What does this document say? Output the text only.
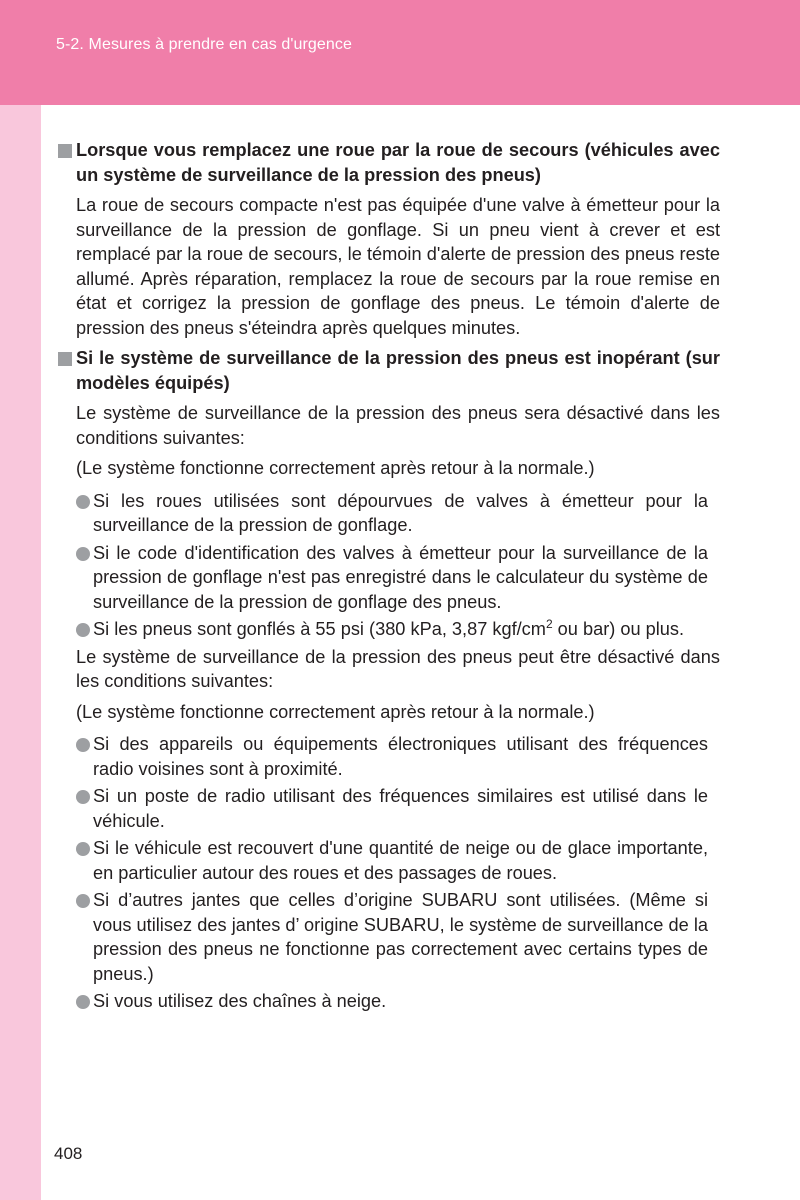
5-2. Mesures à prendre en cas d'urgence
Lorsque vous remplacez une roue par la roue de secours (véhicules avec un système de surveillance de la pression des pneus)
La roue de secours compacte n'est pas équipée d'une valve à émetteur pour la surveillance de la pression de gonflage. Si un pneu vient à crever et est remplacé par la roue de secours, le témoin d'alerte de pression des pneus reste allumé. Après réparation, remplacez la roue de secours par la roue remise en état et corrigez la pression de gonflage des pneus. Le témoin d'alerte de pression des pneus s'éteindra après quelques minutes.
Si le système de surveillance de la pression des pneus est inopérant (sur modèles équipés)
Le système de surveillance de la pression des pneus sera désactivé dans les conditions suivantes:
(Le système fonctionne correctement après retour à la normale.)
Si les roues utilisées sont dépourvues de valves à émetteur pour la surveillance de la pression de gonflage.
Si le code d'identification des valves à émetteur pour la surveillance de la pression de gonflage n'est pas enregistré dans le calculateur du système de surveillance de la pression de gonflage des pneus.
Si les pneus sont gonflés à 55 psi (380 kPa, 3,87 kgf/$cm^2$ ou bar) ou plus.
Le système de surveillance de la pression des pneus peut être désactivé dans les conditions suivantes:
(Le système fonctionne correctement après retour à la normale.)
Si des appareils ou équipements électroniques utilisant des fréquences radio voisines sont à proximité.
Si un poste de radio utilisant des fréquences similaires est utilisé dans le véhicule.
Si le véhicule est recouvert d'une quantité de neige ou de glace importante, en particulier autour des roues et des passages de roues.
Si d’autres jantes que celles d’origine SUBARU sont utilisées. (Même si vous utilisez des jantes d’ origine SUBARU, le système de surveillance de la pression des pneus ne fonctionne pas correctement avec certains types de pneus.)
Si vous utilisez des chaînes à neige.
408
